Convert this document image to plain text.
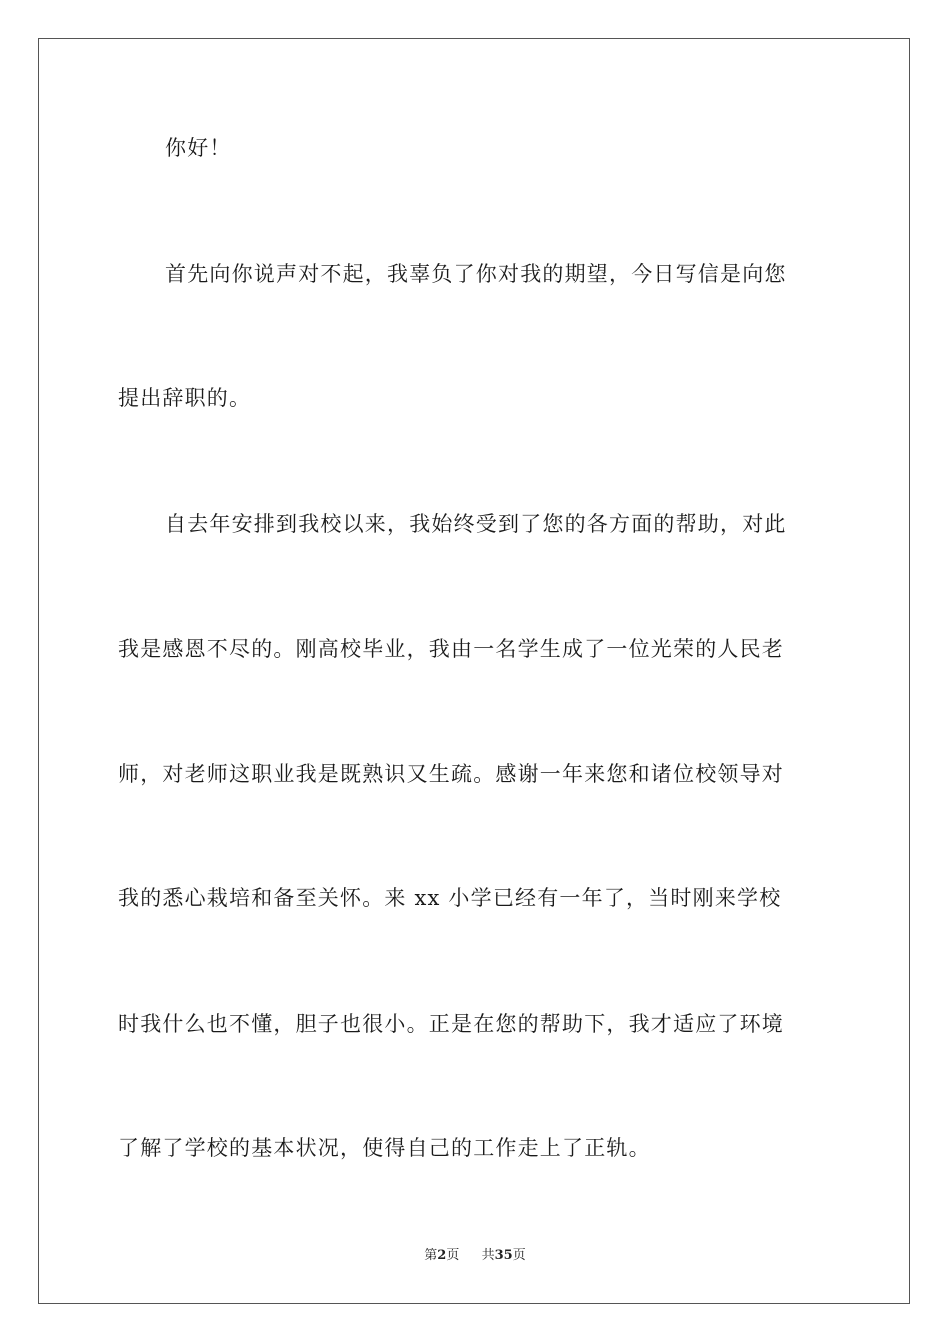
你好！
首先向你说声对不起，我辜负了你对我的期望，今日写信是向您
提出辞职的。
自去年安排到我校以来，我始终受到了您的各方面的帮助，对此
我是感恩不尽的。刚高校毕业，我由一名学生成了一位光荣的人民老
师，对老师这职业我是既熟识又生疏。感谢一年来您和诸位校领导对
我的悉心栽培和备至关怀。来 xx 小学已经有一年了，当时刚来学校
时我什么也不懂，胆子也很小。正是在您的帮助下，我才适应了环境
了解了学校的基本状况，使得自己的工作走上了正轨。
第2页 共35页
